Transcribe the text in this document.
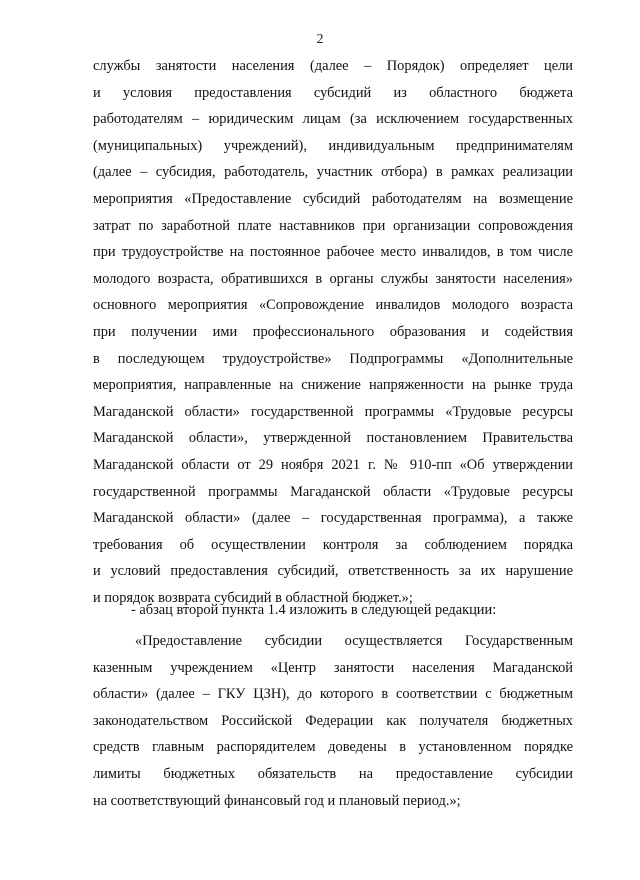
2
службы занятости населения (далее – Порядок) определяет цели
и условия предоставления субсидий из областного бюджета
работодателям – юридическим лицам (за исключением государственных
(муниципальных) учреждений), индивидуальным предпринимателям
(далее – субсидия, работодатель, участник отбора) в рамках реализации
мероприятия «Предоставление субсидий работодателям на возмещение
затрат по заработной плате наставников при организации сопровождения
при трудоустройстве на постоянное рабочее место инвалидов, в том числе
молодого возраста, обратившихся в органы службы занятости населения»
основного мероприятия «Сопровождение инвалидов молодого возраста
при получении ими профессионального образования и содействия
в последующем трудоустройстве» Подпрограммы «Дополнительные
мероприятия, направленные на снижение напряженности на рынке труда
Магаданской области» государственной программы «Трудовые ресурсы
Магаданской области», утвержденной постановлением Правительства
Магаданской области от 29 ноября 2021 г. № 910-пп «Об утверждении
государственной программы Магаданской области «Трудовые ресурсы
Магаданской области» (далее – государственная программа), а также
требования об осуществлении контроля за соблюдением порядка
и условий предоставления субсидий, ответственность за их нарушение
и порядок возврата субсидий в областной бюджет.»;
- абзац второй пункта 1.4 изложить в следующей редакции:
«Предоставление субсидии осуществляется Государственным
казенным учреждением «Центр занятости населения Магаданской
области» (далее – ГКУ ЦЗН), до которого в соответствии с бюджетным
законодательством Российской Федерации как получателя бюджетных
средств главным распорядителем доведены в установленном порядке
лимиты бюджетных обязательств на предоставление субсидии
на соответствующий финансовый год и плановый период.»;
